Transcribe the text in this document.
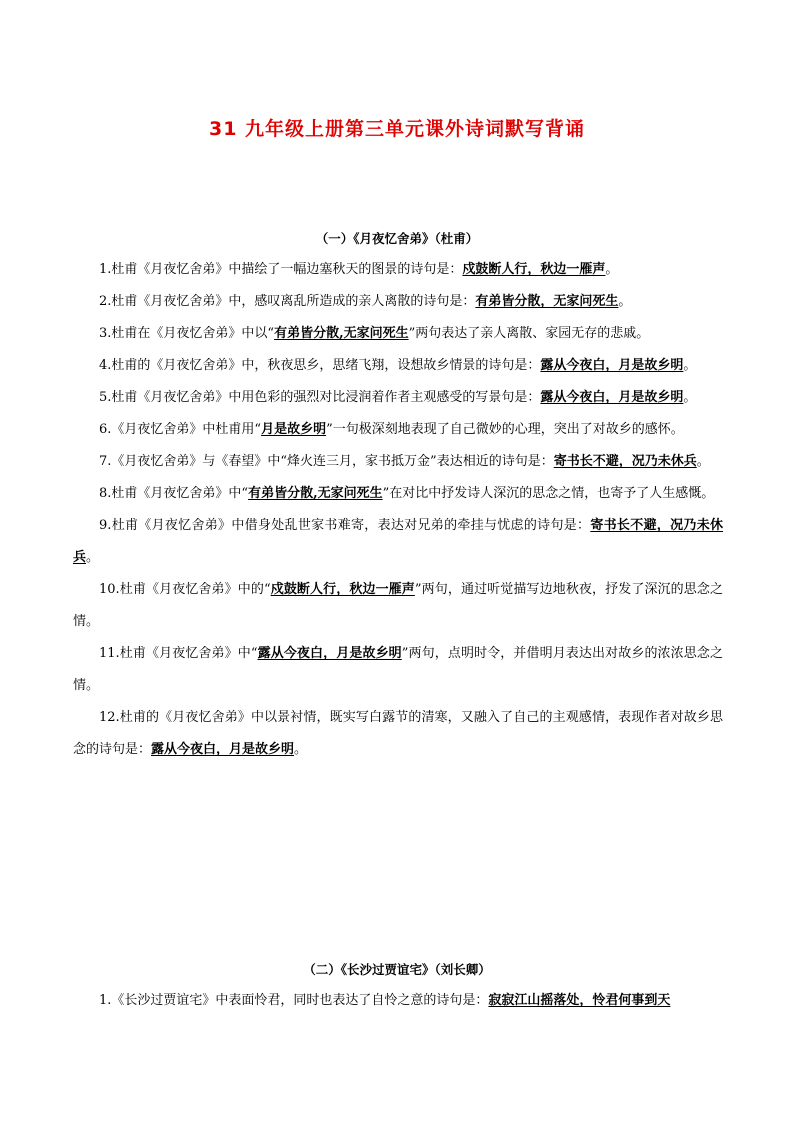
31 九年级上册第三单元课外诗词默写背诵
（一）《月夜忆舍弟》（杜甫）

1.杜甫《月夜忆舍弟》中描绘了一幅边塞秋天的图景的诗句是：戍鼓断人行，秋边一雁声。

2.杜甫《月夜忆舍弟》中，感叹离乱所造成的亲人离散的诗句是：有弟皆分散，无家问死生。

3.杜甫在《月夜忆舍弟》中以“有弟皆分散,无家问死生”两句表达了亲人离散、家园无存的悲戚。

4.杜甫的《月夜忆舍弟》中，秋夜思乡，思绪飞翔，设想故乡情景的诗句是：露从今夜白，月是故乡明。

5.杜甫《月夜忆舍弟》中用色彩的强烈对比浸润着作者主观感受的写景句是：露从今夜白，月是故乡明。

6.《月夜忆舍弟》中杜甫用“月是故乡明”一句极深刻地表现了自己微妙的心理，突出了对故乡的感怀。

7.《月夜忆舍弟》与《春望》中“烽火连三月，家书抵万金”表达相近的诗句是：寄书长不避，况乃未休兵。

8.杜甫《月夜忆舍弟》中“有弟皆分散,无家问死生”在对比中抒发诗人深沉的思念之情，也寄予了人生感慨。

9.杜甫《月夜忆舍弟》中借身处乱世家书难寄，表达对兄弟的牵挂与忧虑的诗句是：寄书长不避，况乃未休兵。

10.杜甫《月夜忆舍弟》中的“戍鼓断人行，秋边一雁声”两句，通过听觉描写边地秋夜，抒发了深沉的思念之情。

11.杜甫《月夜忆舍弟》中“露从今夜白，月是故乡明”两句，点明时令，并借明月表达出对故乡的浓浓思念之情。

12.杜甫的《月夜忆舍弟》中以景衬情，既实写白露节的清寒，又融入了自己的主观感情，表现作者对故乡思念的诗句是：露从今夜白，月是故乡明。

（二）《长沙过贾谊宅》（刘长卿）

1.《长沙过贾谊宅》中表面怜君，同时也表达了自怜之意的诗句是：寂寂江山摇落处，怜君何事到天
